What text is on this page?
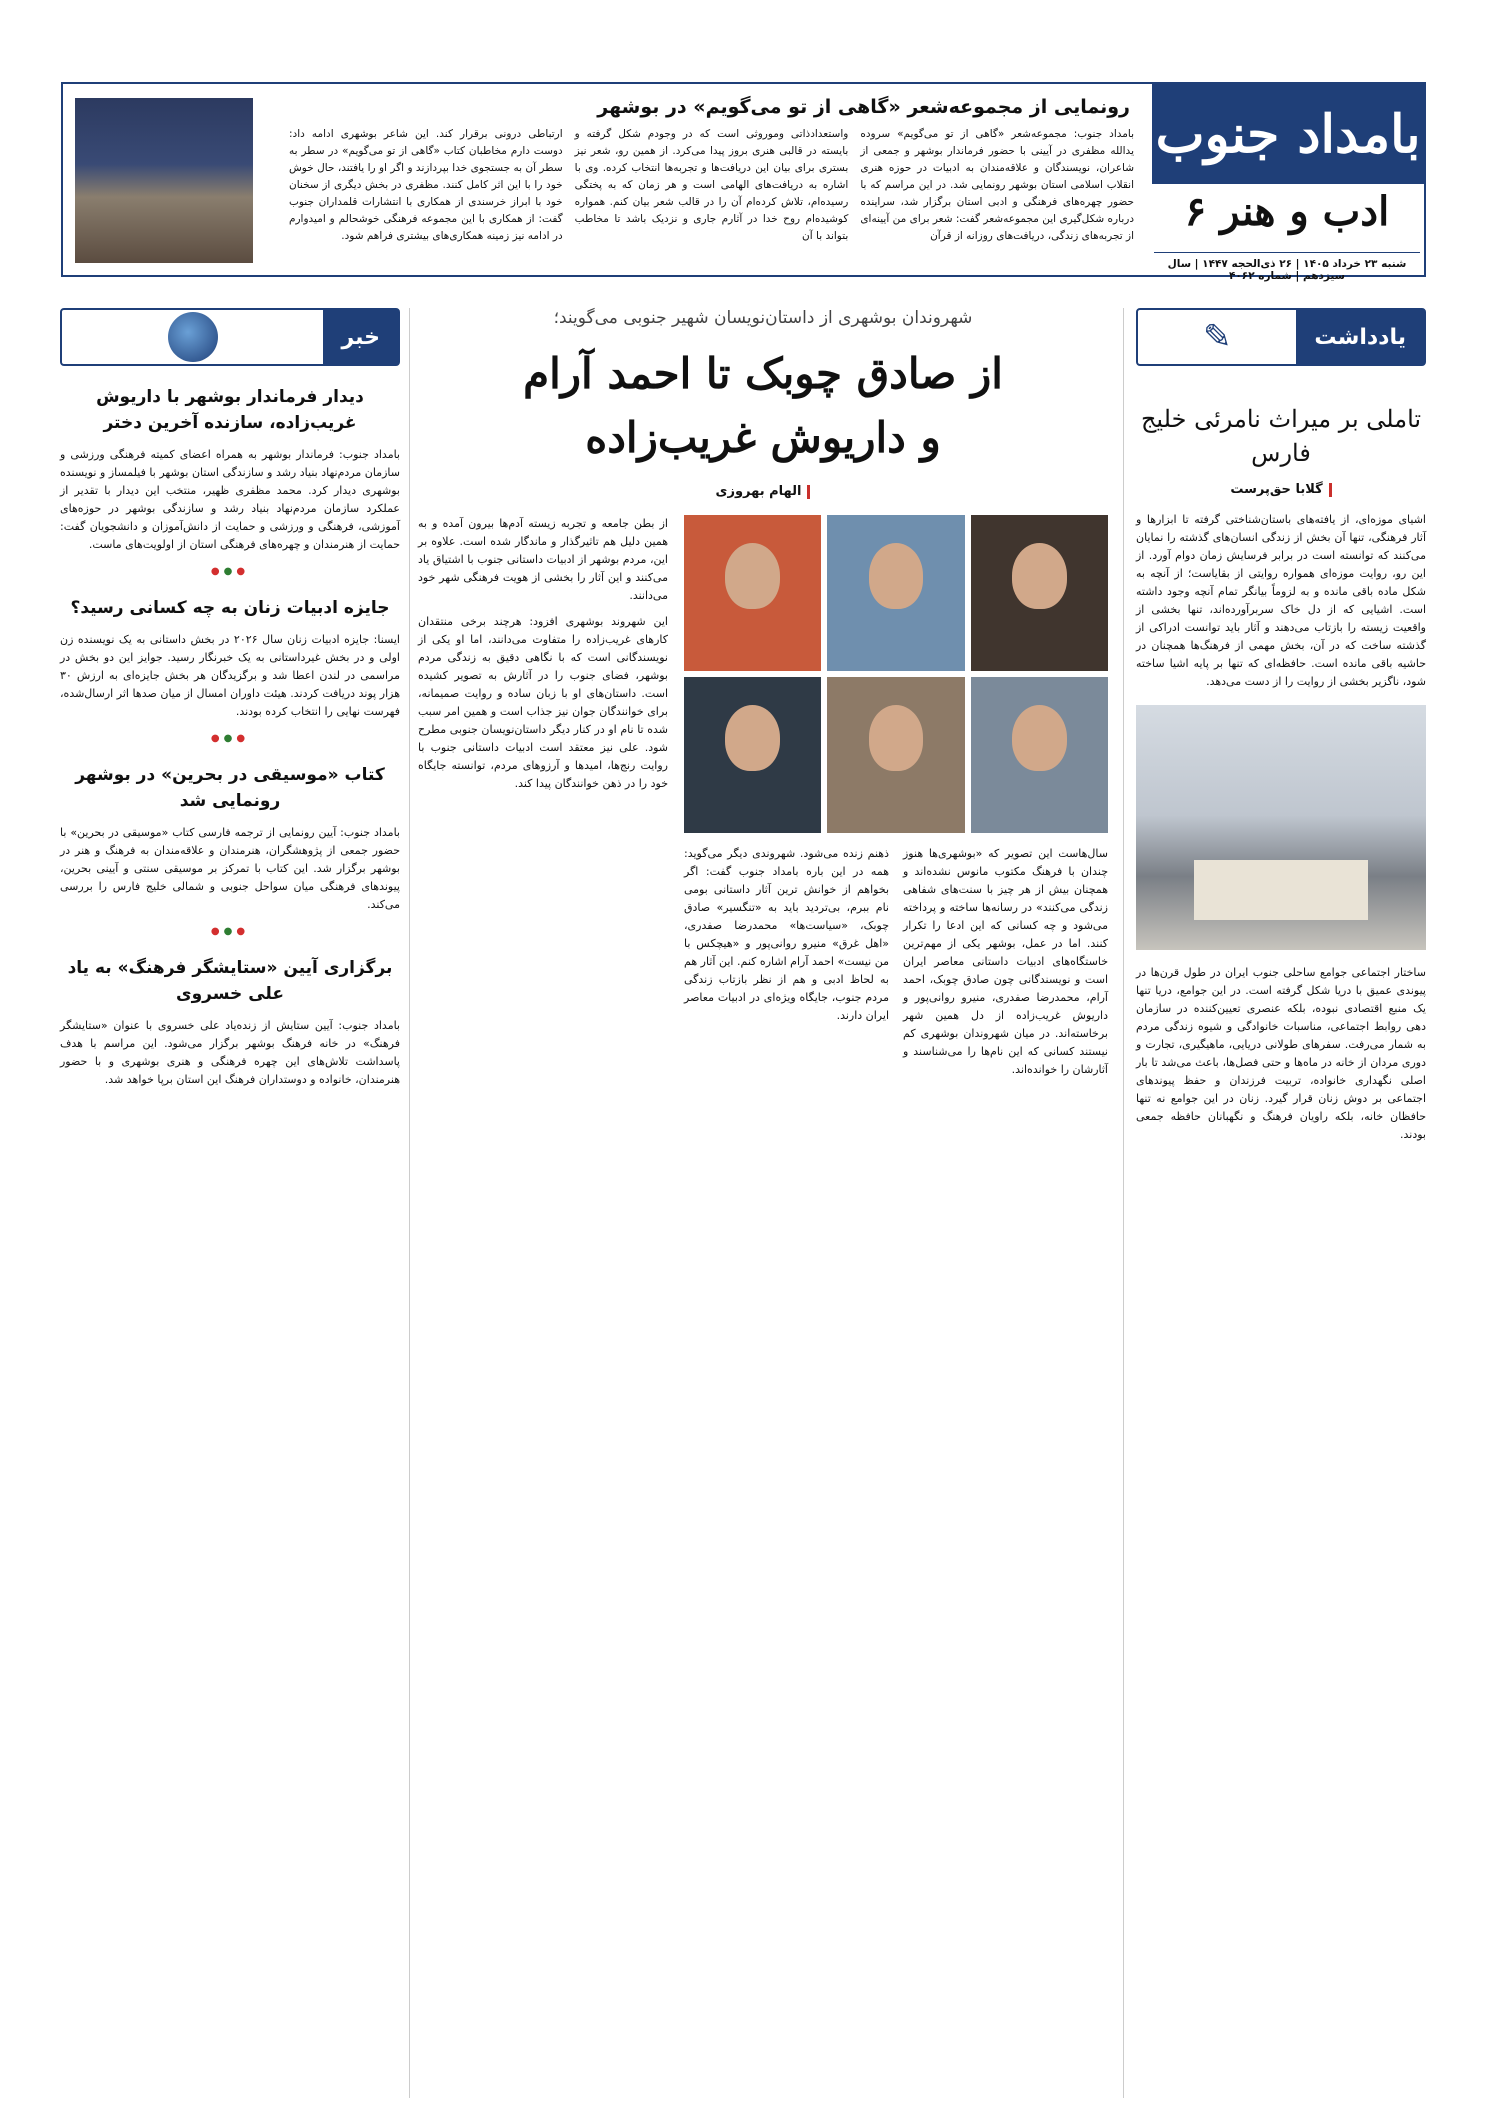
بامداد جنوب
ادب و هنر۶
شنبه ۲۳ خرداد ۱۴۰۵ | ۲۶ ذی‌الحجه ۱۴۴۷ | سال سیزدهم | شماره ۴۰۶۲
رونمایی از مجموعه‌شعر «گاهی از تو می‌گویم» در بوشهر
بامداد جنوب: مجموعه‌شعر «گاهی از تو می‌گویم» سروده یدالله مظفری در آیینی با حضور فرماندار بوشهر و جمعی از شاعران، نویسندگان و علاقه‌مندان به ادبیات در حوزه هنری انقلاب اسلامی استان بوشهر رونمایی شد. در این مراسم که با حضور چهره‌های فرهنگی و ادبی استان برگزار شد، سراینده درباره شکل‌گیری این مجموعه‌شعر گفت: شعر برای من آیینه‌ای از تجربه‌های زندگی، دریافت‌های روزانه از قرآن
واستعدادذاتی وموروثی است که در وجودم شکل گرفته و بایسته در قالبی هنری بروز پیدا می‌کرد. از همین رو، شعر نیز بستری برای بیان این دریافت‌ها و تجربه‌ها انتخاب کرده. وی با اشاره به دریافت‌های الهامی است و هر زمان که به پختگی رسیده‌ام، تلاش کرده‌ام آن را در قالب شعر بیان کنم. همواره کوشیده‌ام روح خدا در آثارم جاری و نزدیک باشد تا مخاطب بتواند با آن
ارتباطی درونی برقرار کند. این شاعر بوشهری ادامه داد: دوست دارم مخاطبان کتاب «گاهی از تو می‌گویم» در سطر به سطر آن به جستجوی خدا بپردازند و اگر او را یافتند، حال خوش خود را با این اثر کامل کنند. مظفری در بخش دیگری از سخنان خود با ابراز خرسندی از همکاری با انتشارات قلمداران جنوب گفت: از همکاری با این مجموعه فرهنگی خوشحالم و امیدوارم در ادامه نیز زمینه همکاری‌های بیشتری فراهم شود.
یادداشت
✎
تاملی بر میراث نامرئی خلیج فارس
گلابا حق‌پرست
اشیای موزه‌ای، از یافته‌های باستان‌شناختی گرفته تا ابزارها و آثار فرهنگی، تنها آن بخش از زندگی انسان‌های گذشته را نمایان می‌کنند که توانسته است در برابر فرسایش زمان دوام آورد. از این رو، روایت موزه‌ای همواره روایتی از بقایاست؛ از آنچه به شکل ماده باقی مانده و به لزوماً بیانگر تمام آنچه وجود داشته است. اشیایی که از دل خاک سربرآورده‌اند، تنها بخشی از واقعیت زیسته را بازتاب می‌دهند و آثار باید توانست ادراکی از گذشته ساخت که در آن، بخش مهمی از فرهنگ‌ها همچنان در حاشیه باقی مانده است. حافظه‌ای که تنها بر پایه اشیا ساخته شود، ناگزیر بخشی از روایت را از دست می‌دهد.
ساختار اجتماعی جوامع ساحلی جنوب ایران در طول قرن‌ها در پیوندی عمیق با دریا شکل گرفته است. در این جوامع، دریا تنها یک منبع اقتصادی نبوده، بلکه عنصری تعیین‌کننده در سازمان دهی روابط اجتماعی، مناسبات خانوادگی و شیوه زندگی مردم به شمار می‌رفت. سفرهای طولانی دریایی، ماهیگیری، تجارت و دوری مردان از خانه در ماه‌ها و حتی فصل‌ها، باعث می‌شد تا بار اصلی نگهداری خانواده، تربیت فرزندان و حفظ پیوندهای اجتماعی بر دوش زنان قرار گیرد. زنان در این جوامع نه تنها حافظان خانه، بلکه راویان فرهنگ و نگهبانان حافظه جمعی بودند.
شهروندان بوشهری از داستان‌نویسان شهیر جنوبی می‌گویند؛
از صادق چوبک تا احمد آرام
و داریوش غریب‌زاده
الهام بهروزی
سال‌هاست این تصویر که «بوشهری‌ها هنوز چندان با فرهنگ مکتوب مانوس نشده‌اند و همچنان بیش از هر چیز با سنت‌های شفاهی زندگی می‌کنند» در رسانه‌ها ساخته و پرداخته می‌شود و چه کسانی که این ادعا را تکرار کنند. اما در عمل، بوشهر یکی از مهم‌ترین خاستگاه‌های ادبیات داستانی معاصر ایران است و نویسندگانی چون صادق چوبک، احمد آرام، محمدرضا صفدری، منیرو روانی‌پور و داریوش غریب‌زاده از دل همین شهر برخاسته‌اند. در میان شهروندان بوشهری کم نیستند کسانی که این نام‌ها را می‌شناسند و آثارشان را خوانده‌اند.
ذهنم زنده می‌شود. شهروندی دیگر می‌گوید: همه در این باره بامداد جنوب گفت: اگر بخواهم از خوانش ترین آثار داستانی بومی نام ببرم، بی‌تردید باید به «تنگسیر» صادق چوبک، «سیاست‌ها» محمدرضا صفدری، «اهل غرق» منیرو روانی‌پور و «هیچکس با من نیست» احمد آرام اشاره کنم. این آثار هم به لحاظ ادبی و هم از نظر بازتاب زندگی مردم جنوب، جایگاه ویژه‌ای در ادبیات معاصر ایران دارند.
از بطن جامعه و تجربه زیسته آدم‌ها بیرون آمده و به همین دلیل هم تاثیرگذار و ماندگار شده است. علاوه بر این، مردم بوشهر از ادبیات داستانی جنوب با اشتیاق یاد می‌کنند و این آثار را بخشی از هویت فرهنگی شهر خود می‌دانند.
این شهروند بوشهری افزود: هرچند برخی منتقدان کارهای غریب‌زاده را متفاوت می‌دانند، اما او یکی از نویسندگانی است که با نگاهی دقیق به زندگی مردم بوشهر، فضای جنوب را در آثارش به تصویر کشیده است. داستان‌های او با زبان ساده و روایت صمیمانه، برای خوانندگان جوان نیز جذاب است و همین امر سبب شده تا نام او در کنار دیگر داستان‌نویسان جنوبی مطرح شود. علی نیز معتقد است ادبیات داستانی جنوب با روایت رنج‌ها، امیدها و آرزوهای مردم، توانسته جایگاه خود را در ذهن خوانندگان پیدا کند.
خبر
دیدار فرماندار بوشهر با داریوش غریب‌زاده، سازنده آخرین دختر
بامداد جنوب: فرماندار بوشهر به همراه اعضای کمیته فرهنگی ورزشی و سازمان مردم‌نهاد بنیاد رشد و سازندگی استان بوشهر با فیلمساز و نویسنده بوشهری دیدار کرد. محمد مظفری ظهیر، منتخب این دیدار با تقدیر از عملکرد سازمان مردم‌نهاد بنیاد رشد و سازندگی بوشهر در حوزه‌های آموزشی، فرهنگی و ورزشی و حمایت از دانش‌آموزان و دانشجویان گفت: حمایت از هنرمندان و چهره‌های فرهنگی استان از اولویت‌های ماست.
●●●
جایزه ادبیات زنان به چه کسانی رسید؟
ایسنا: جایزه ادبیات زنان سال ۲۰۲۶ در بخش داستانی به یک نویسنده زن اولی و در بخش غیرداستانی به یک خبرنگار رسید. جوایز این دو بخش در مراسمی در لندن اعطا شد و برگزیدگان هر بخش جایزه‌ای به ارزش ۳۰ هزار پوند دریافت کردند. هیئت داوران امسال از میان صدها اثر ارسال‌شده، فهرست نهایی را انتخاب کرده بودند.
●●●
کتاب «موسیقی در بحرین» در بوشهر رونمایی شد
بامداد جنوب: آیین رونمایی از ترجمه فارسی کتاب «موسیقی در بحرین» با حضور جمعی از پژوهشگران، هنرمندان و علاقه‌مندان به فرهنگ و هنر در بوشهر برگزار شد. این کتاب با تمرکز بر موسیقی سنتی و آیینی بحرین، پیوندهای فرهنگی میان سواحل جنوبی و شمالی خلیج فارس را بررسی می‌کند.
●●●
برگزاری آیین «ستایشگر فرهنگ» به یاد علی خسروی
بامداد جنوب: آیین ستایش از زنده‌یاد علی خسروی با عنوان «ستایشگر فرهنگ» در خانه فرهنگ بوشهر برگزار می‌شود. این مراسم با هدف پاسداشت تلاش‌های این چهره فرهنگی و هنری بوشهری و با حضور هنرمندان، خانواده و دوستداران فرهنگ این استان برپا خواهد شد.
